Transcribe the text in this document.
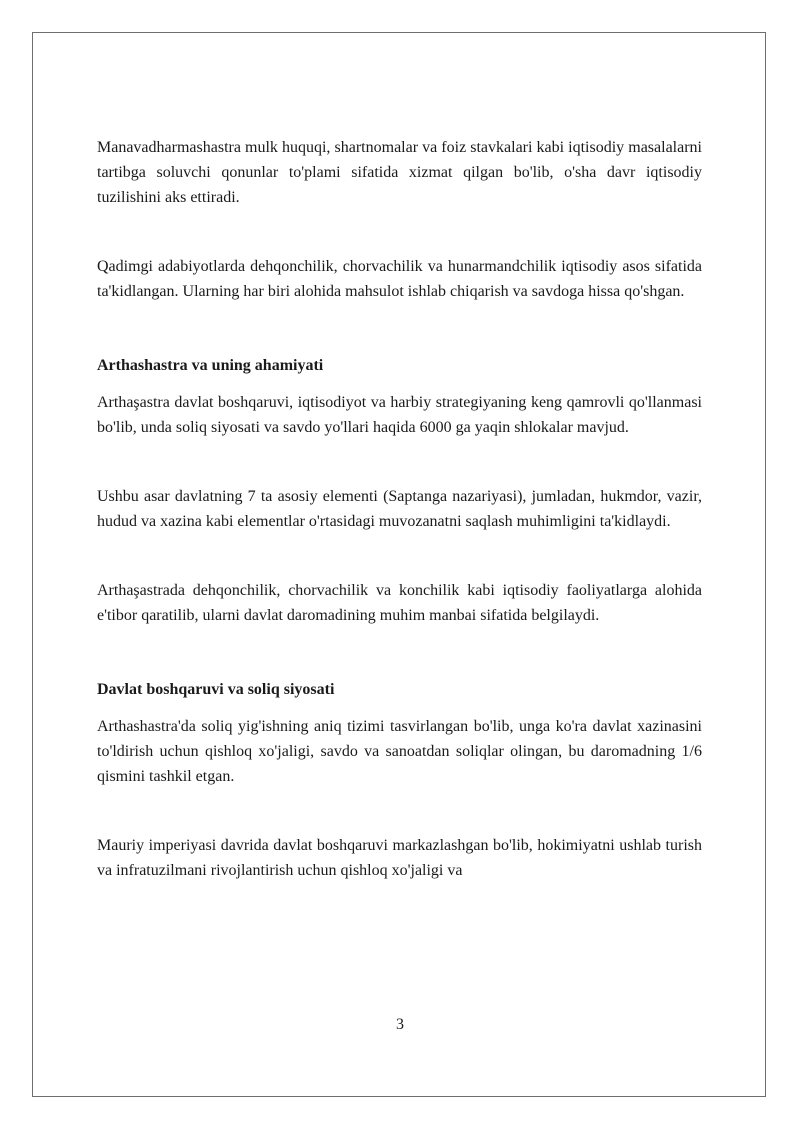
Manavadharmashastra mulk huquqi, shartnomalar va foiz stavkalari kabi iqtisodiy masalalarni tartibga soluvchi qonunlar to'plami sifatida xizmat qilgan bo'lib, o'sha davr iqtisodiy tuzilishini aks ettiradi.

Qadimgi adabiyotlarda dehqonchilik, chorvachilik va hunarmandchilik iqtisodiy asos sifatida ta'kidlangan. Ularning har biri alohida mahsulot ishlab chiqarish va savdoga hissa qo'shgan.

Arthashastra va uning ahamiyati

Arthaşastra davlat boshqaruvi, iqtisodiyot va harbiy strategiyaning keng qamrovli qo'llanmasi bo'lib, unda soliq siyosati va savdo yo'llari haqida 6000 ga yaqin shlokalar mavjud.

Ushbu asar davlatning 7 ta asosiy elementi (Saptanga nazariyasi), jumladan, hukmdor, vazir, hudud va xazina kabi elementlar o'rtasidagi muvozanatni saqlash muhimligini ta'kidlaydi.

Arthaşastrada dehqonchilik, chorvachilik va konchilik kabi iqtisodiy faoliyatlarga alohida e'tibor qaratilib, ularni davlat daromadining muhim manbai sifatida belgilaydi.

Davlat boshqaruvi va soliq siyosati

Arthashastra'da soliq yig'ishning aniq tizimi tasvirlangan bo'lib, unga ko'ra davlat xazinasini to'ldirish uchun qishloq xo'jaligi, savdo va sanoatdan soliqlar olingan, bu daromadning 1/6 qismini tashkil etgan.

Mauriy imperiyasi davrida davlat boshqaruvi markazlashgan bo'lib, hokimiyatni ushlab turish va infratuzilmani rivojlantirish uchun qishloq xo'jaligi va

3
